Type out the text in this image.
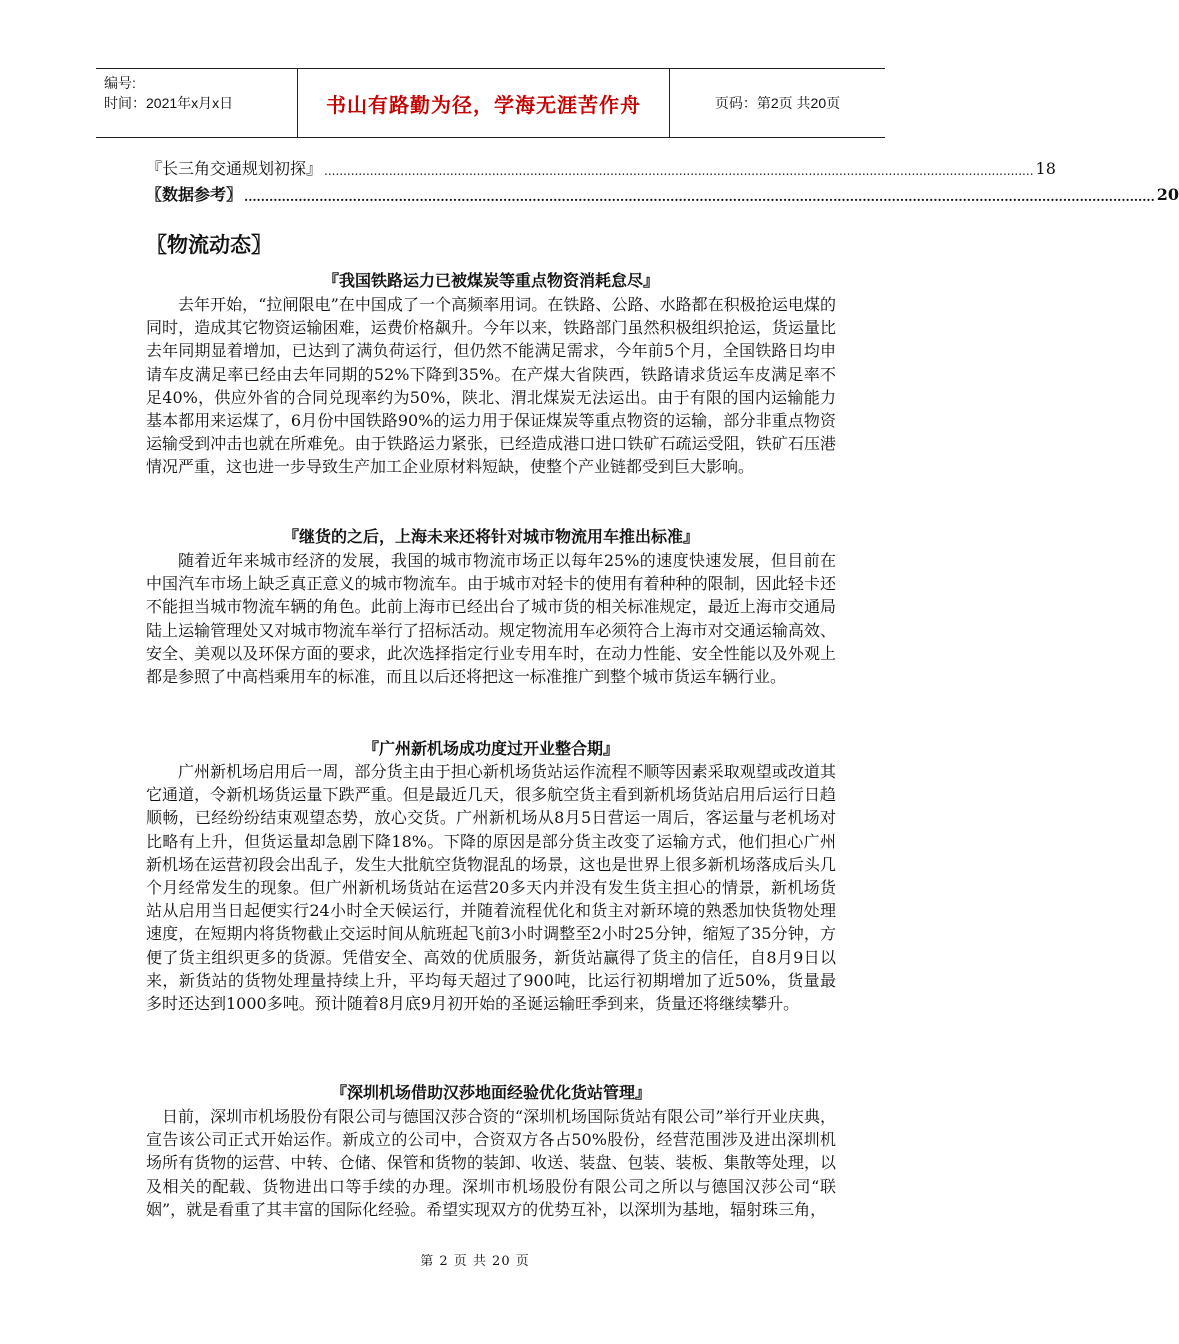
编号:
时间：2021年x月x日	书山有路勤为径，学海无涯苦作舟	页码：第2页 共20页
『长三角交通规划初探』 .......................................................................................................................................................................................... 18
〖数据参考〗 .......................................................................................................................................................................................................................... 20
〖物流动态〗
『我国铁路运力已被煤炭等重点物资消耗怠尽』

去年开始，“拉闸限电”在中国成了一个高频率用词。在铁路、公路、水路都在积极抢运电煤的同时，造成其它物资运输困难，运费价格飙升。今年以来，铁路部门虽然积极组织抢运，货运量比去年同期显着增加，已达到了满负荷运行，但仍然不能满足需求，今年前5个月，全国铁路日均申请车皮满足率已经由去年同期的52%下降到35%。在产煤大省陕西，铁路请求货运车皮满足率不足40%，供应外省的合同兑现率约为50%，陕北、渭北煤炭无法运出。由于有限的国内运输能力基本都用来运煤了，6月份中国铁路90%的运力用于保证煤炭等重点物资的运输，部分非重点物资运输受到冲击也就在所难免。由于铁路运力紧张，已经造成港口进口铁矿石疏运受阻，铁矿石压港情况严重，这也进一步导致生产加工企业原材料短缺，使整个产业链都受到巨大影响。

『继货的之后，上海未来还将针对城市物流用车推出标准』

随着近年来城市经济的发展，我国的城市物流市场正以每年25%的速度快速发展，但目前在中国汽车市场上缺乏真正意义的城市物流车。由于城市对轻卡的使用有着种种的限制，因此轻卡还不能担当城市物流车辆的角色。此前上海市已经出台了城市货的相关标准规定，最近上海市交通局陆上运输管理处又对城市物流车举行了招标活动。规定物流用车必须符合上海市对交通运输高效、安全、美观以及环保方面的要求，此次选择指定行业专用车时，在动力性能、安全性能以及外观上都是参照了中高档乘用车的标准，而且以后还将把这一标准推广到整个城市货运车辆行业。

『广州新机场成功度过开业整合期』

广州新机场启用后一周，部分货主由于担心新机场货站运作流程不顺等因素采取观望或改道其它通道，令新机场货运量下跌严重。但是最近几天，很多航空货主看到新机场货站启用后运行日趋顺畅，已经纷纷结束观望态势，放心交货。广州新机场从8月5日营运一周后，客运量与老机场对比略有上升，但货运量却急剧下降18%。下降的原因是部分货主改变了运输方式，他们担心广州新机场在运营初段会出乱子，发生大批航空货物混乱的场景，这也是世界上很多新机场落成后头几个月经常发生的现象。但广州新机场货站在运营20多天内并没有发生货主担心的情景，新机场货站从启用当日起便实行24小时全天候运行，并随着流程优化和货主对新环境的熟悉加快货物处理速度，在短期内将货物截止交运时间从航班起飞前3小时调整至2小时25分钟，缩短了35分钟，方便了货主组织更多的货源。凭借安全、高效的优质服务，新货站赢得了货主的信任，自8月9日以来，新货站的货物处理量持续上升，平均每天超过了900吨，比运行初期增加了近50%，货量最多时还达到1000多吨。预计随着8月底9月初开始的圣诞运输旺季到来，货量还将继续攀升。

『深圳机场借助汉莎地面经验优化货站管理』

日前，深圳市机场股份有限公司与德国汉莎合资的“深圳机场国际货站有限公司”举行开业庆典，宣告该公司正式开始运作。新成立的公司中，合资双方各占50%股份，经营范围涉及进出深圳机场所有货物的运营、中转、仓储、保管和货物的装卸、收送、装盘、包装、装板、集散等处理，以及相关的配载、货物进出口等手续的办理。深圳市机场股份有限公司之所以与德国汉莎公司“联姻”，就是看重了其丰富的国际化经验。希望实现双方的优势互补，以深圳为基地，辐射珠三角，

第 2 页 共 20 页
